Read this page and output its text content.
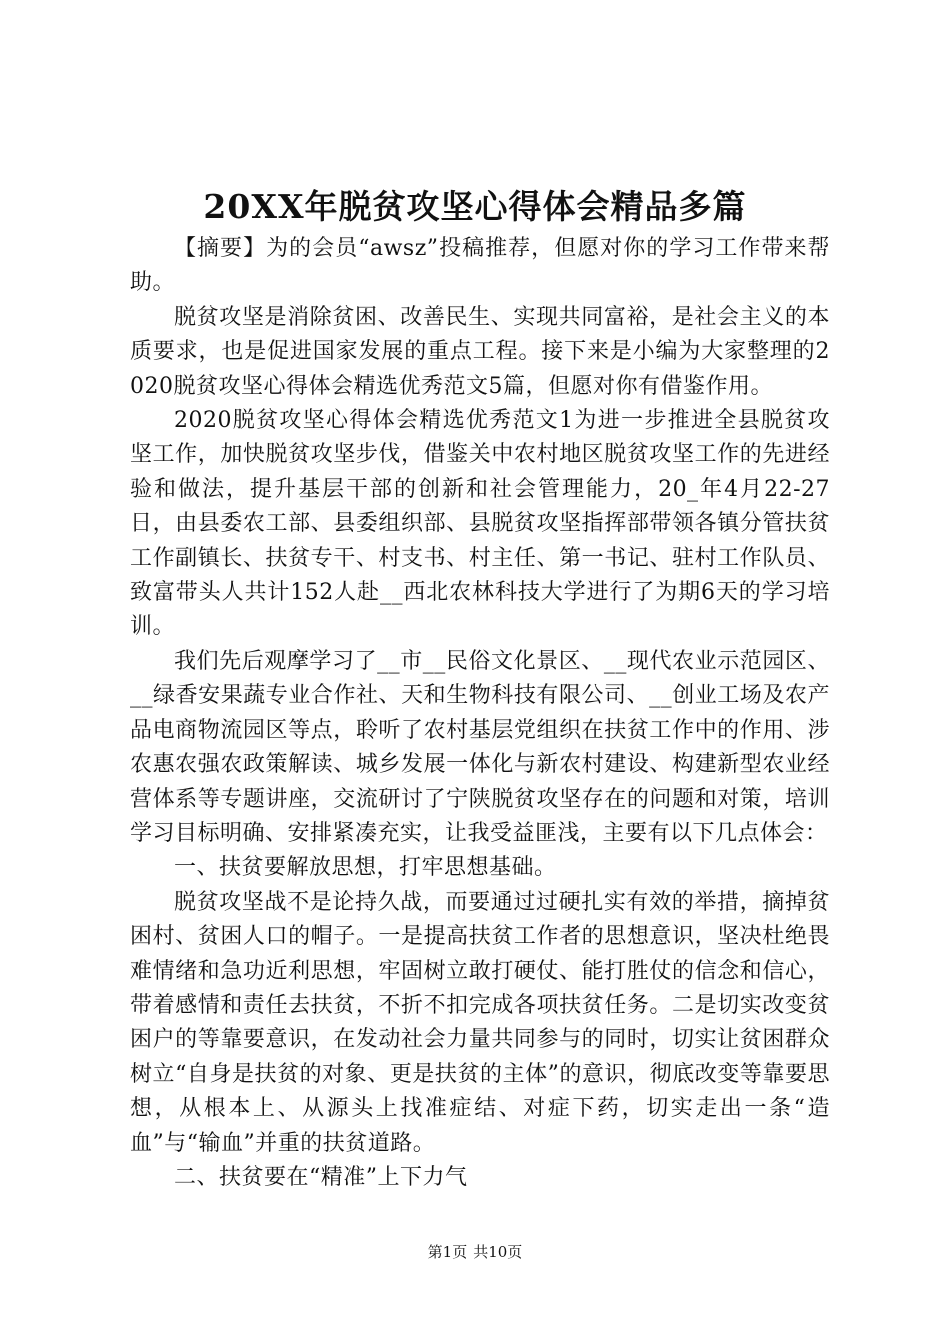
20XX年脱贫攻坚心得体会精品多篇

【摘要】为的会员“awsz”投稿推荐，但愿对你的学习工作带来帮助。

脱贫攻坚是消除贫困、改善民生、实现共同富裕，是社会主义的本质要求，也是促进国家发展的重点工程。接下来是小编为大家整理的2020脱贫攻坚心得体会精选优秀范文5篇，但愿对你有借鉴作用。

2020脱贫攻坚心得体会精选优秀范文1为进一步推进全县脱贫攻坚工作，加快脱贫攻坚步伐，借鉴关中农村地区脱贫攻坚工作的先进经验和做法，提升基层干部的创新和社会管理能力，20_年4月22-27日，由县委农工部、县委组织部、县脱贫攻坚指挥部带领各镇分管扶贫工作副镇长、扶贫专干、村支书、村主任、第一书记、驻村工作队员、致富带头人共计152人赴__西北农林科技大学进行了为期6天的学习培训。

我们先后观摩学习了__市__民俗文化景区、__现代农业示范园区、__绿香安果蔬专业合作社、天和生物科技有限公司、__创业工场及农产品电商物流园区等点，聆听了农村基层党组织在扶贫工作中的作用、涉农惠农强农政策解读、城乡发展一体化与新农村建设、构建新型农业经营体系等专题讲座，交流研讨了宁陕脱贫攻坚存在的问题和对策，培训学习目标明确、安排紧凑充实，让我受益匪浅，主要有以下几点体会：

一、扶贫要解放思想，打牢思想基础。

脱贫攻坚战不是论持久战，而要通过过硬扎实有效的举措，摘掉贫困村、贫困人口的帽子。一是提高扶贫工作者的思想意识，坚决杜绝畏难情绪和急功近利思想，牢固树立敢打硬仗、能打胜仗的信念和信心，带着感情和责任去扶贫，不折不扣完成各项扶贫任务。二是切实改变贫困户的等靠要意识，在发动社会力量共同参与的同时，切实让贫困群众树立“自身是扶贫的对象、更是扶贫的主体”的意识，彻底改变等靠要思想，从根本上、从源头上找准症结、对症下药，切实走出一条“造血”与“输血”并重的扶贫道路。

二、扶贫要在“精准”上下力气

第1页 共10页
